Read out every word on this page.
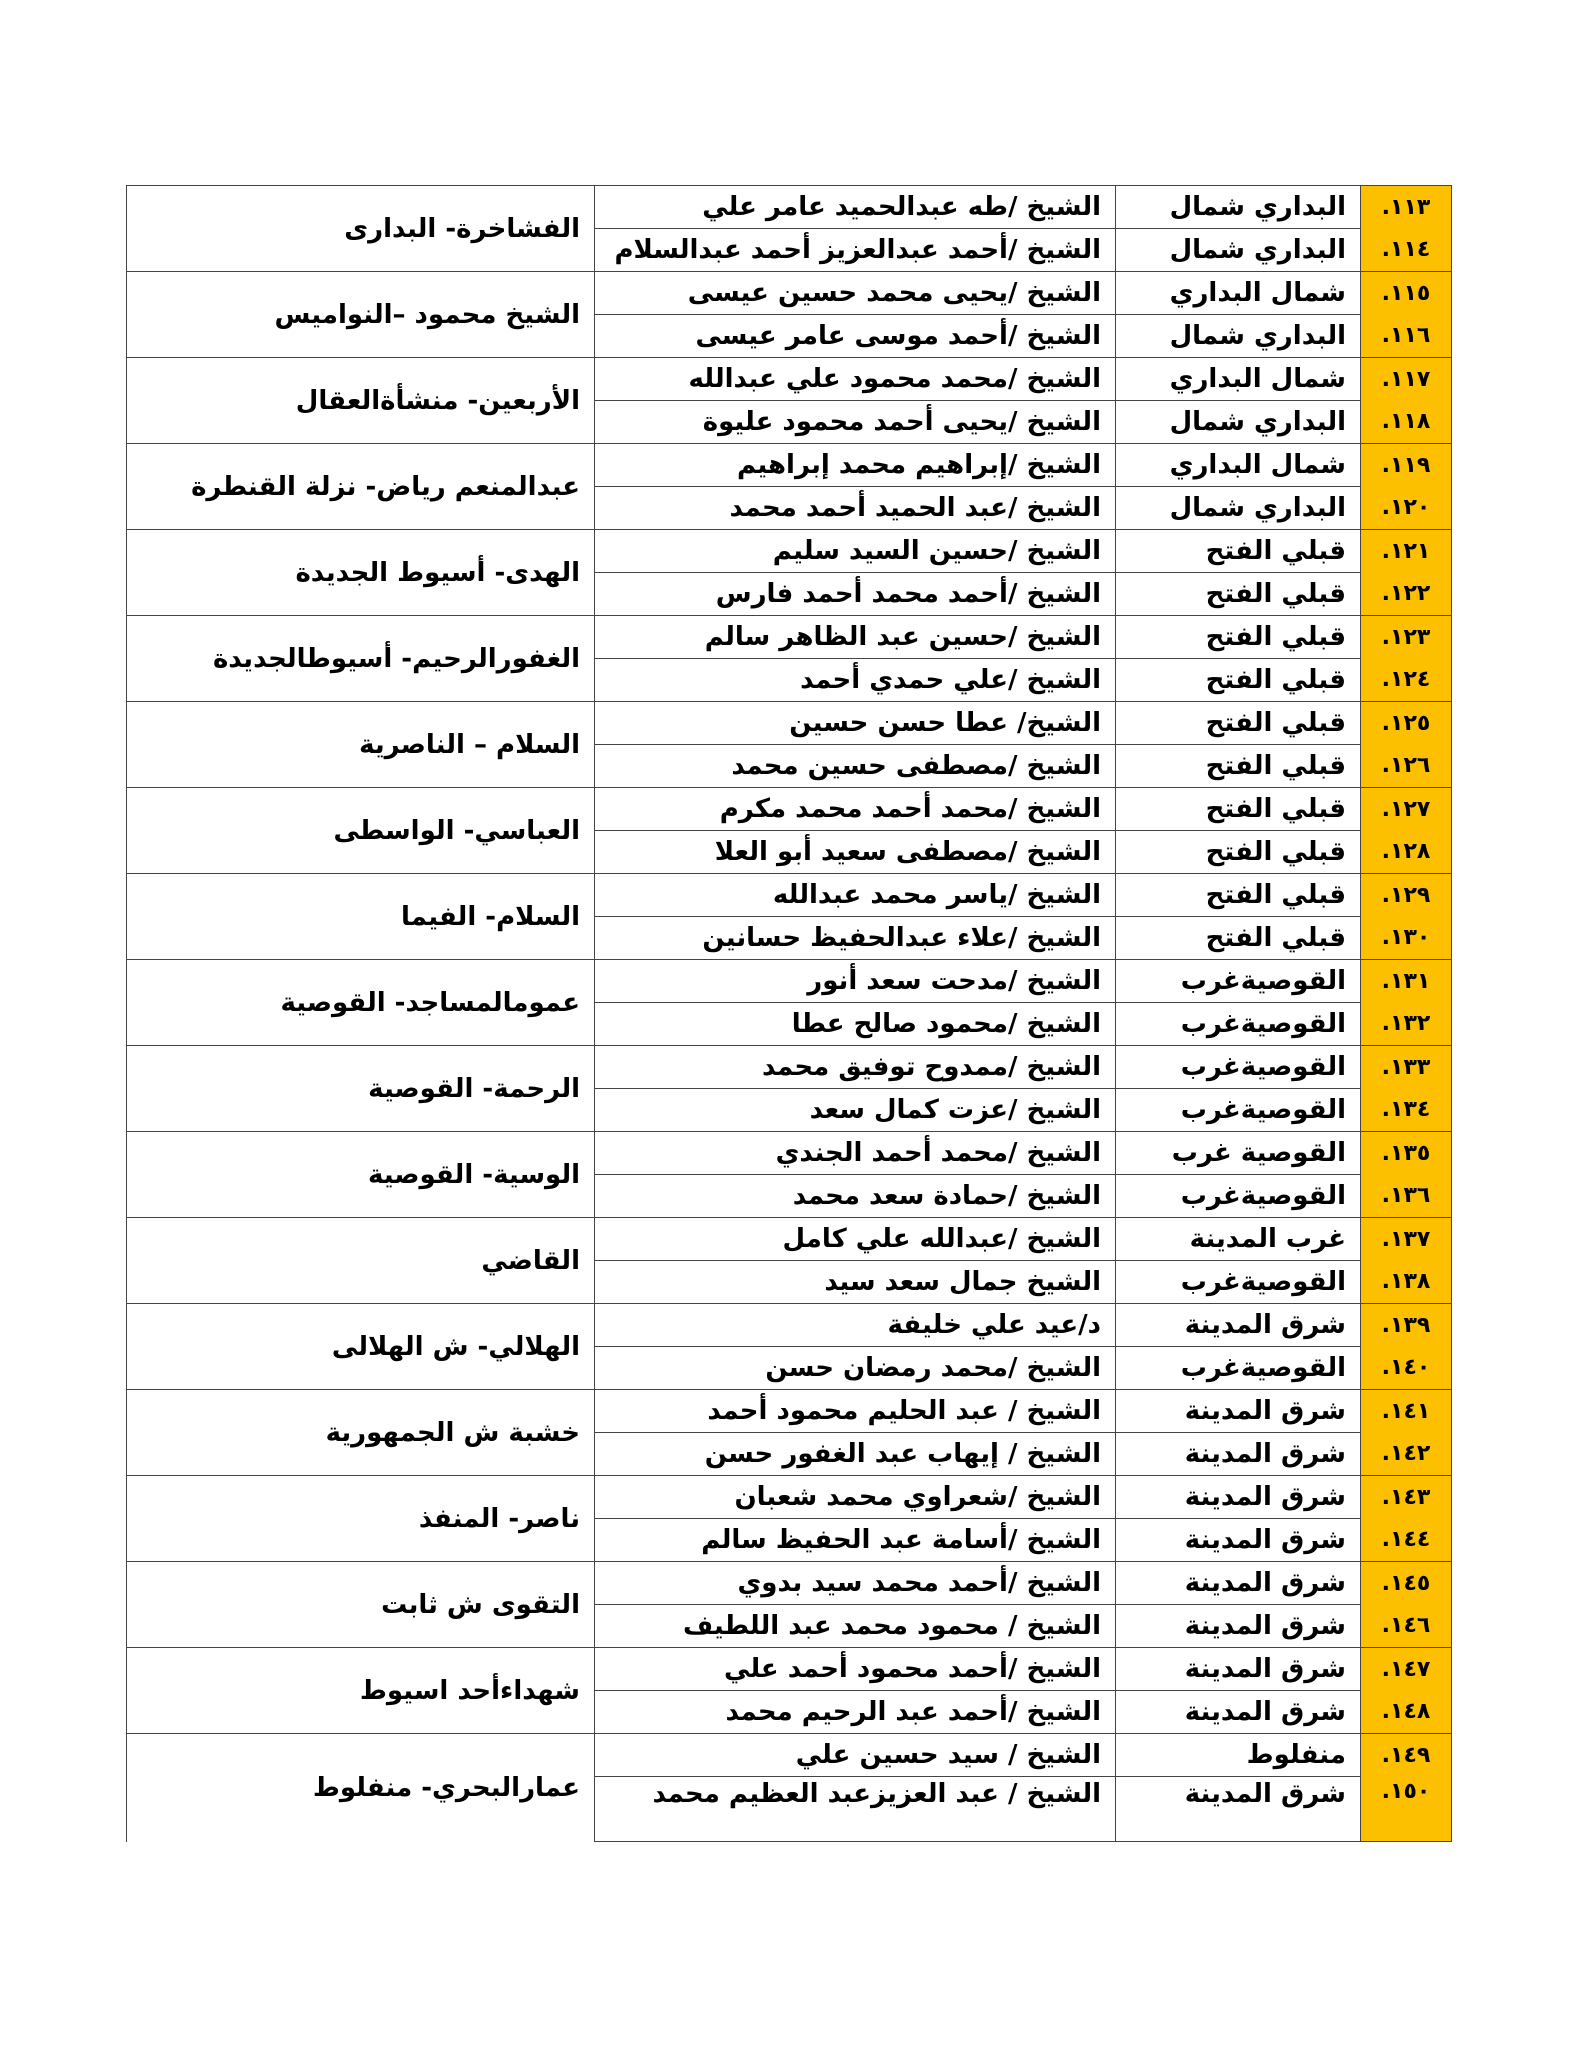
الفشاخرة- البدارى	الشيخ /طه عبدالحميد عامر علي	البداري شمال	١١٣.

الشيخ /أحمد عبدالعزيز أحمد عبدالسلام	البداري شمال	١١٤.

الشيخ محمود –النواميس	الشيخ /يحيى محمد حسين عيسى	شمال البداري	١١٥.

الشيخ /أحمد موسى عامر عيسى	البداري شمال	١١٦.

الأربعين- منشأةالعقال	الشيخ /محمد محمود علي عبدالله	شمال البداري	١١٧.

الشيخ /يحيى أحمد محمود عليوة	البداري شمال	١١٨.

عبدالمنعم رياض- نزلة القنطرة	الشيخ /إبراهيم محمد إبراهيم	شمال البداري	١١٩.

الشيخ /عبد الحميد أحمد محمد	البداري شمال	١٢٠.

الهدى- أسيوط الجديدة	الشيخ /حسين السيد سليم	قبلي الفتح	١٢١.

الشيخ /أحمد محمد أحمد فارس	قبلي الفتح	١٢٢.

الغفورالرحيم- أسيوطالجديدة	الشيخ /حسين عبد الظاهر سالم	قبلي الفتح	١٢٣.

الشيخ /علي حمدي أحمد	قبلي الفتح	١٢٤.

السلام – الناصرية	الشيخ/ عطا حسن حسين	قبلي الفتح	١٢٥.

الشيخ /مصطفى حسين محمد	قبلي الفتح	١٢٦.

العباسي- الواسطى	الشيخ /محمد أحمد محمد مكرم	قبلي الفتح	١٢٧.

الشيخ /مصطفى سعيد أبو العلا	قبلي الفتح	١٢٨.

السلام- الفيما	الشيخ /ياسر محمد عبدالله	قبلي الفتح	١٢٩.

الشيخ /علاء عبدالحفيظ حسانين	قبلي الفتح	١٣٠.

عمومالمساجد- القوصية	الشيخ /مدحت سعد أنور	القوصيةغرب	١٣١.

الشيخ /محمود صالح عطا	القوصيةغرب	١٣٢.

الرحمة- القوصية	الشيخ /ممدوح توفيق محمد	القوصيةغرب	١٣٣.

الشيخ /عزت كمال سعد	القوصيةغرب	١٣٤.

الوسية- القوصية	الشيخ /محمد أحمد الجندي	القوصية غرب	١٣٥.

الشيخ /حمادة سعد محمد	القوصيةغرب	١٣٦.

القاضي	الشيخ /عبدالله علي كامل	غرب المدينة	١٣٧.

الشيخ جمال سعد سيد	القوصيةغرب	١٣٨.

الهلالي- ش الهلالى	د/عيد علي خليفة	شرق المدينة	١٣٩.

الشيخ /محمد رمضان حسن	القوصيةغرب	١٤٠.

خشبة ش الجمهورية	الشيخ / عبد الحليم محمود أحمد	شرق المدينة	١٤١.

الشيخ / إيهاب عبد الغفور حسن	شرق المدينة	١٤٢.

ناصر- المنفذ	الشيخ /شعراوي محمد شعبان	شرق المدينة	١٤٣.

الشيخ /أسامة عبد الحفيظ سالم	شرق المدينة	١٤٤.

التقوى ش ثابت	الشيخ /أحمد محمد سيد بدوي	شرق المدينة	١٤٥.

الشيخ / محمود محمد عبد اللطيف	شرق المدينة	١٤٦.

شهداءأحد اسيوط	الشيخ /أحمد محمود أحمد علي	شرق المدينة	١٤٧.

الشيخ /أحمد عبد الرحيم محمد	شرق المدينة	١٤٨.

عمارالبحري- منفلوط	الشيخ / سيد حسين علي	منفلوط	١٤٩.

الشيخ / عبد العزيزعبد العظيم محمد	شرق المدينة	١٥٠.
